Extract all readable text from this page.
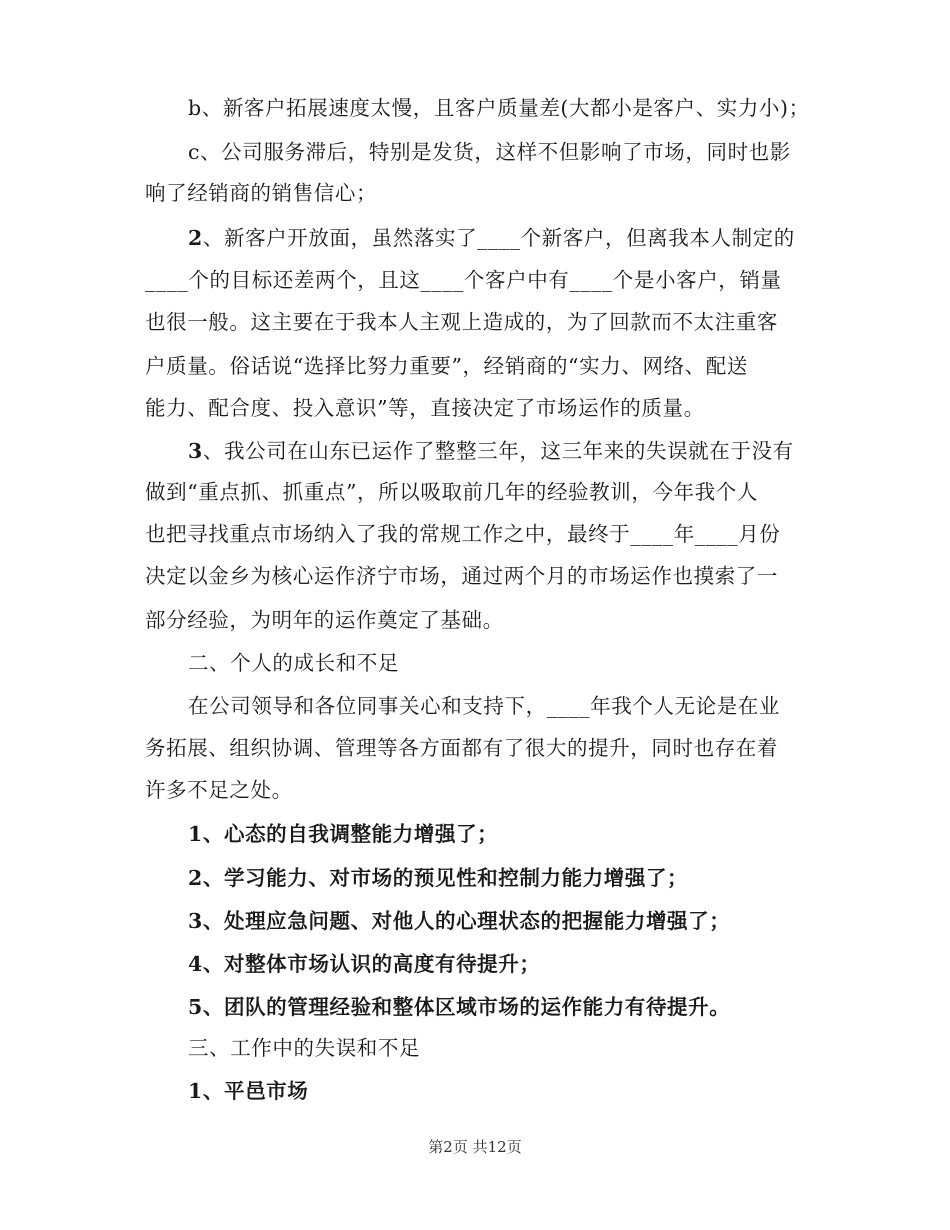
b、新客户拓展速度太慢，且客户质量差(大都小是客户、实力小)；
c、公司服务滞后，特别是发货，这样不但影响了市场，同时也影
响了经销商的销售信心；
2、新客户开放面，虽然落实了____个新客户，但离我本人制定的
____个的目标还差两个，且这____个客户中有____个是小客户，销量
也很一般。这主要在于我本人主观上造成的，为了回款而不太注重客
户质量。俗话说“选择比努力重要”，经销商的“实力、网络、配送
能力、配合度、投入意识”等，直接决定了市场运作的质量。
3、我公司在山东已运作了整整三年，这三年来的失误就在于没有
做到“重点抓、抓重点”，所以吸取前几年的经验教训，今年我个人
也把寻找重点市场纳入了我的常规工作之中，最终于____年____月份
决定以金乡为核心运作济宁市场，通过两个月的市场运作也摸索了一
部分经验，为明年的运作奠定了基础。
二、个人的成长和不足
在公司领导和各位同事关心和支持下，____年我个人无论是在业
务拓展、组织协调、管理等各方面都有了很大的提升，同时也存在着
许多不足之处。
1、心态的自我调整能力增强了；
2、学习能力、对市场的预见性和控制力能力增强了；
3、处理应急问题、对他人的心理状态的把握能力增强了；
4、对整体市场认识的高度有待提升；
5、团队的管理经验和整体区域市场的运作能力有待提升。
三、工作中的失误和不足
1、平邑市场
第2页 共12页
